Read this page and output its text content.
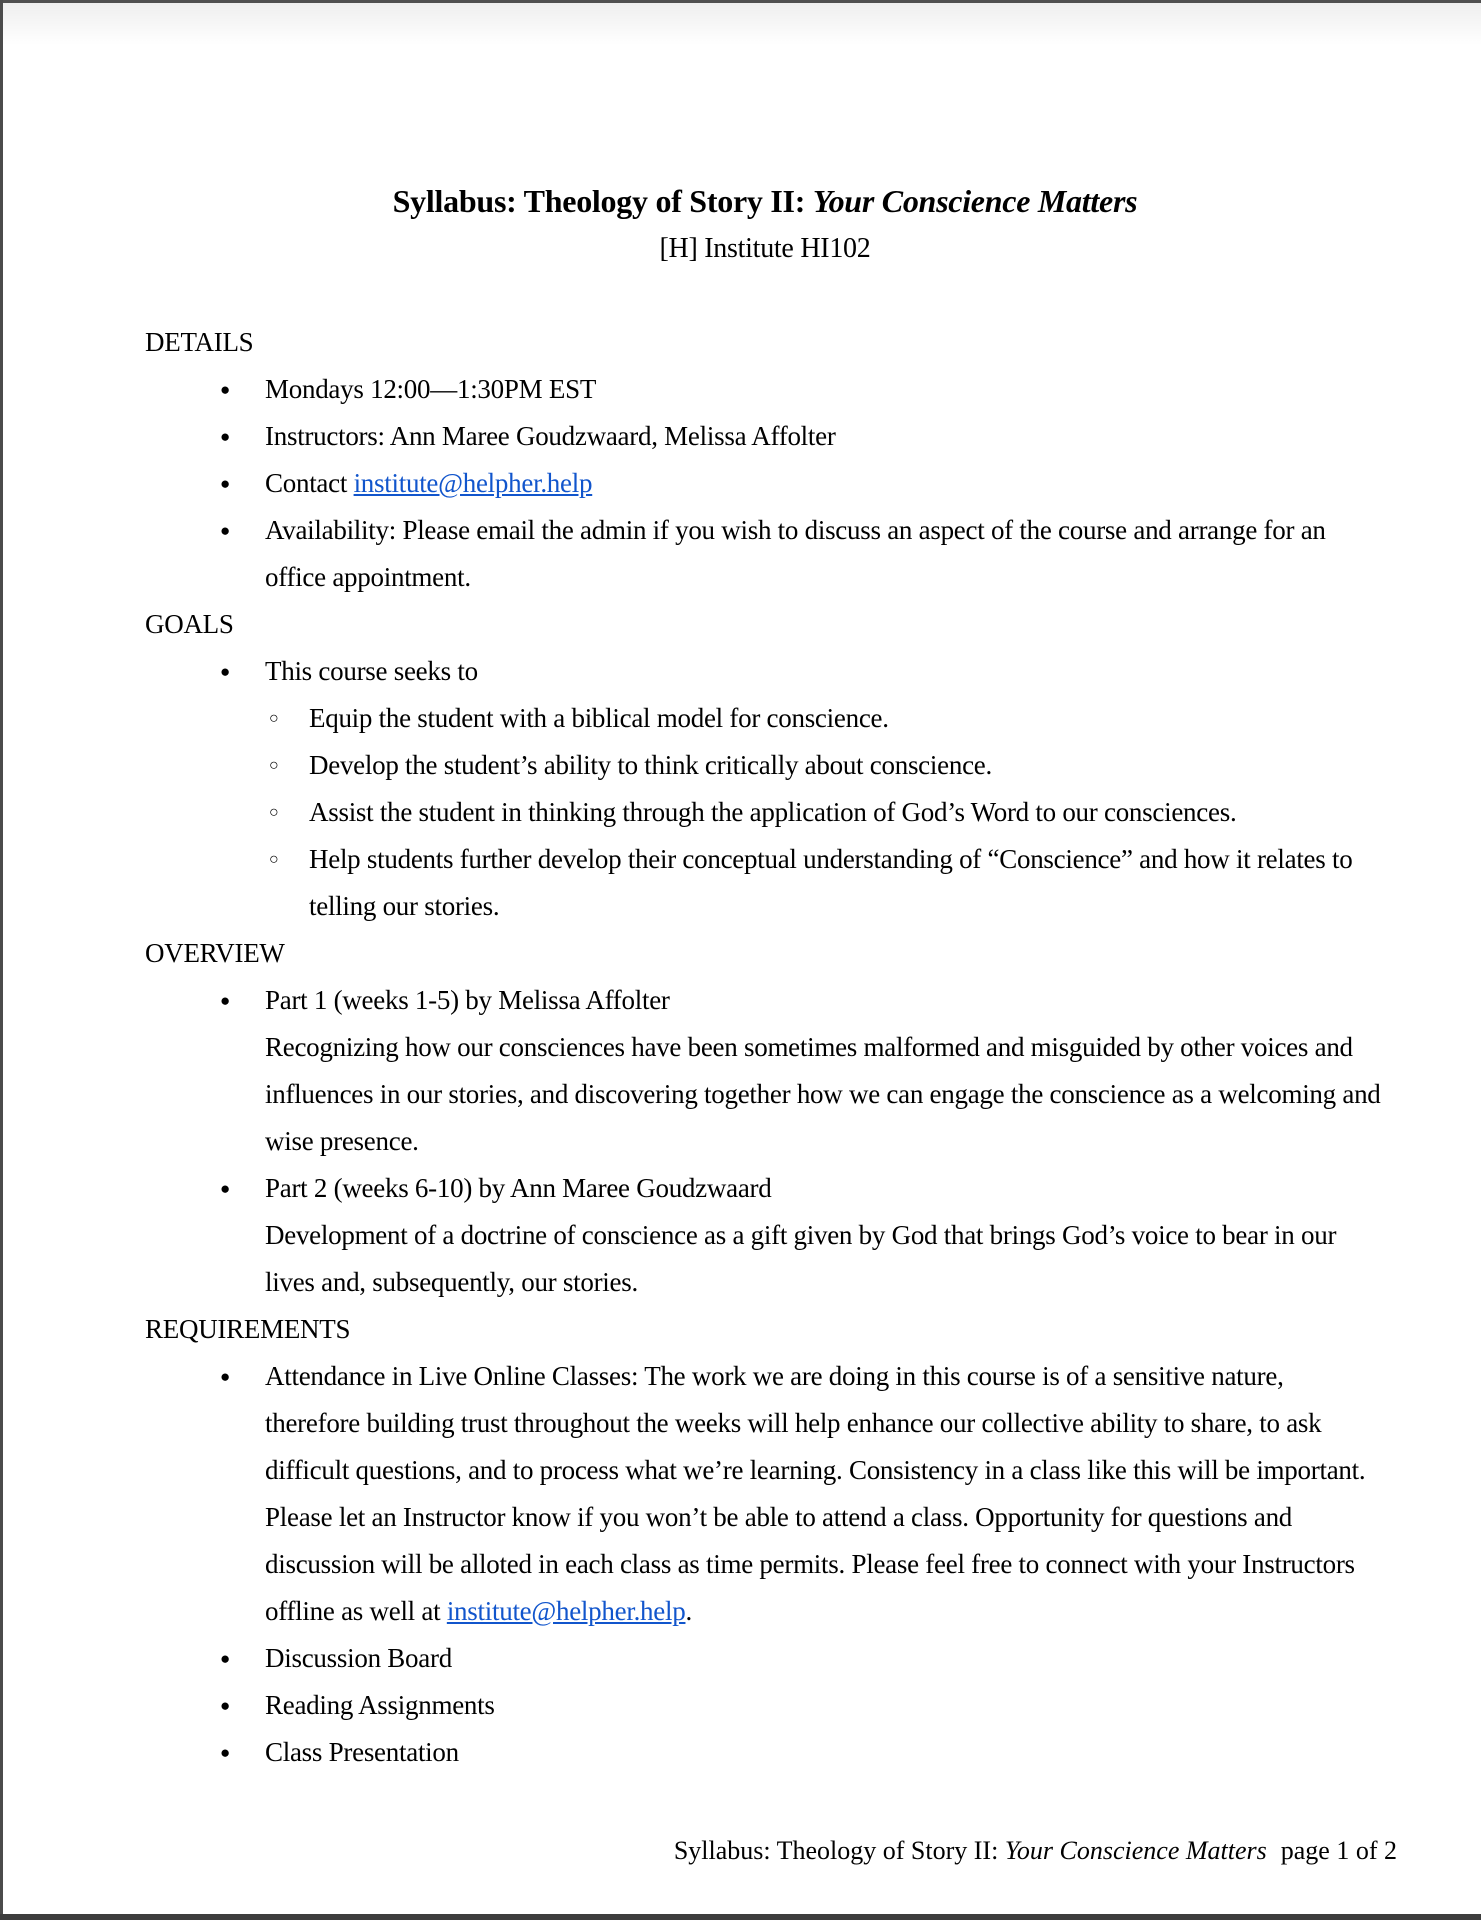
Syllabus: Theology of Story II: Your Conscience Matters
[H] Institute HI102
DETAILS
●	Mondays 12:00—1:30PM EST
●	Instructors: Ann Maree Goudzwaard, Melissa Affolter
●	Contact institute@helpher.help
●	Availability: Please email the admin if you wish to discuss an aspect of the course and arrange for an office appointment.
GOALS
●	This course seeks to
○	Equip the student with a biblical model for conscience.
○	Develop the student’s ability to think critically about conscience.
○	Assist the student in thinking through the application of God’s Word to our consciences.
○	Help students further develop their conceptual understanding of “Conscience” and how it relates to telling our stories.
OVERVIEW
●	Part 1 (weeks 1-5) by Melissa Affolter
Recognizing how our consciences have been sometimes malformed and misguided by other voices and influences in our stories, and discovering together how we can engage the conscience as a welcoming and wise presence.
●	Part 2 (weeks 6-10) by Ann Maree Goudzwaard
Development of a doctrine of conscience as a gift given by God that brings God’s voice to bear in our lives and, subsequently, our stories.
REQUIREMENTS
●	Attendance in Live Online Classes: The work we are doing in this course is of a sensitive nature, therefore building trust throughout the weeks will help enhance our collective ability to share, to ask difficult questions, and to process what we’re learning. Consistency in a class like this will be important. Please let an Instructor know if you won’t be able to attend a class. Opportunity for questions and discussion will be alloted in each class as time permits. Please feel free to connect with your Instructors offline as well at institute@helpher.help.
●	Discussion Board
●	Reading Assignments
●	Class Presentation
Syllabus: Theology of Story II: Your Conscience Matters page 1 of 2
